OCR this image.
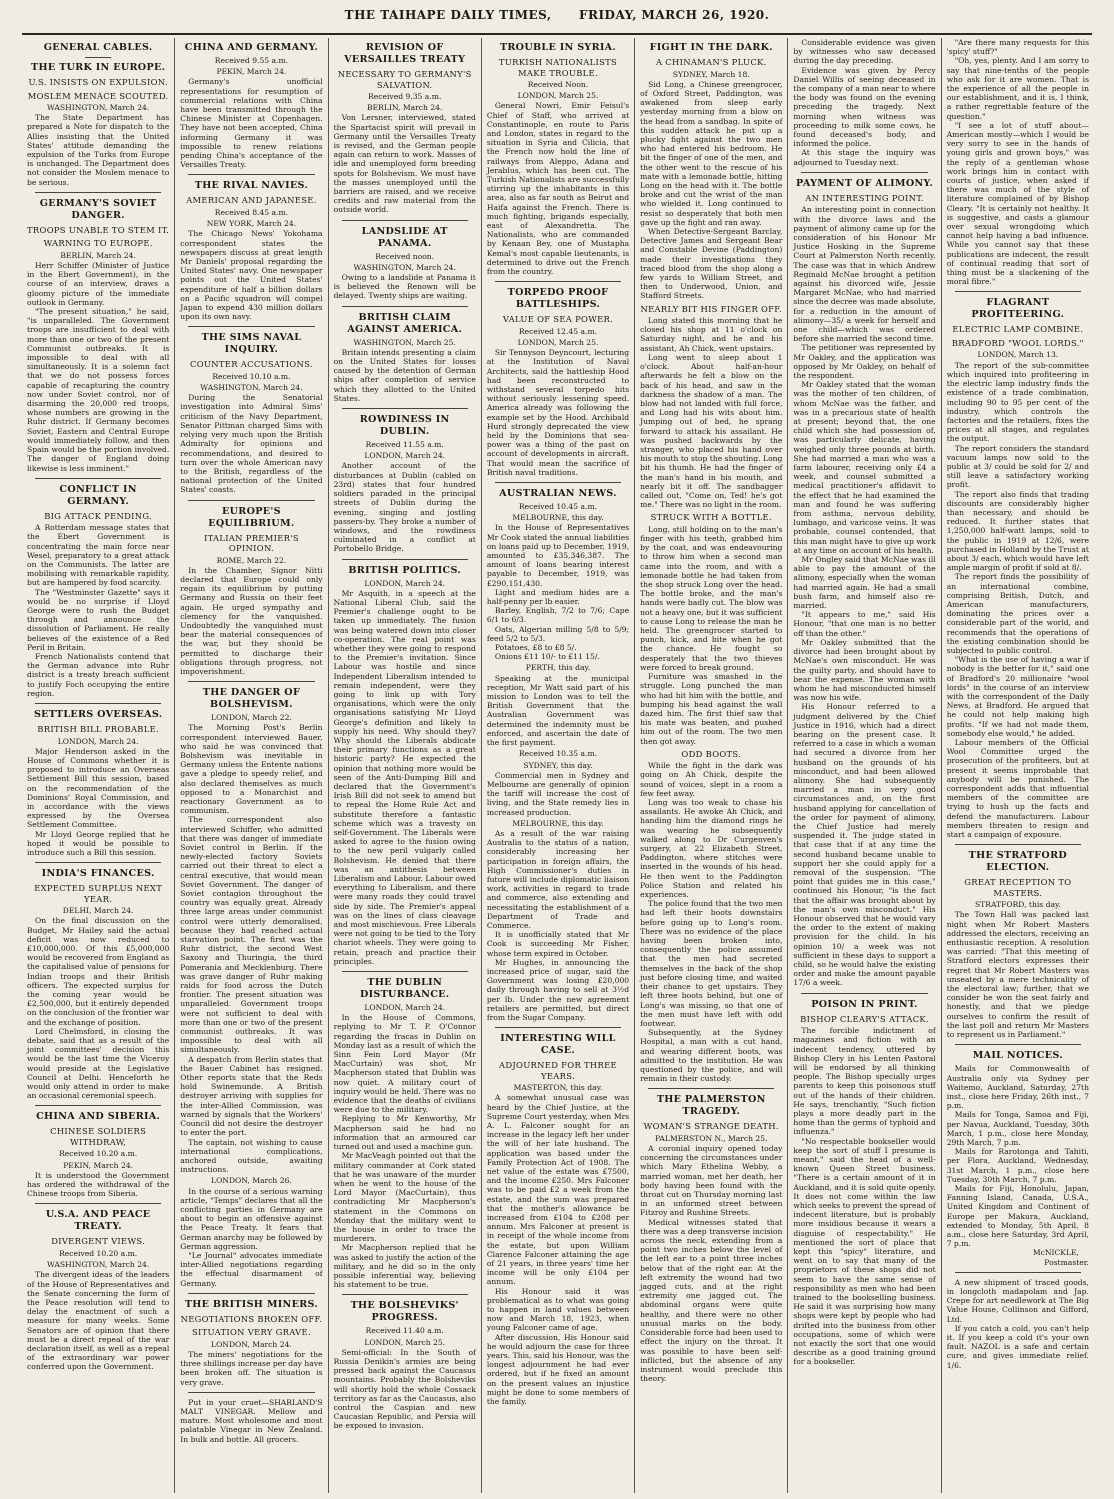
THE TAIHAPE DAILY TIMES, FRIDAY, MARCH 26, 1920.
GENERAL CABLES.
THE TURK IN EUROPE.
U.S. INSISTS ON EXPULSION.
MOSLEM MENACE SCOUTED.
WASHINGTON, March 24.

The State Department has prepared a Note for dispatch to the Allies insisting that the United States' attitude demanding the expulsion of the Turks from Europe is unchanged. The Department does not consider the Moslem menace to be serious.

GERMANY'S SOVIET DANGER.
TROOPS UNABLE TO STEM IT.
WARNING TO EUROPE.
BERLIN, March 24.

Herr Schiffer (Minister of Justice in the Ebert Government), in the course of an interview, draws a gloomy picture of the immediate outlook in Germany.

"The present situation," he said, "is unparalleled. The Government troops are insufficient to deal with more than one or two of the present Communist outbreaks. It is impossible to deal with all simultaneously. It is a solemn fact that we do not possess forces capable of recapturing the country now under Soviet control, nor of disarming the 20,000 red troops, whose numbers are growing in the Ruhr district. If Germany becomes Soviet, Eastern and Central Europe would immediately follow, and then Spain would be the portion involved. The danger of England doing likewise is less imminent."

CONFLICT IN GERMANY.
BIG ATTACK PENDING.

A Rotterdam message states that the Ebert Government is concentrating the main force near Wesel, preparatory to a great attack on the Communists. The latter are mobilising with remarkable rapidity, but are hampered by food scarcity.

The "Westminster Gazette" says it would be no surprise if Lloyd George were to rush the Budget through and announce the dissolution of Parliament. He really believes of the existence of a Red Peril in Britain.

French Nationalists contend that the German advance into Ruhr district is a treaty breach sufficient to justify Foch occupying the entire region.

SETTLERS OVERSEAS.
BRITISH BILL PROBABLE.
LONDON, March 24.

Major Henderson asked in the House of Commons whether it is proposed to introduce an Overseas Settlement Bill this session, based on the recommendation of the Dominions' Royal Commission, and in accordance with the views expressed by the Oversea Settlement Committee.

Mr Lloyd George replied that he hoped it would be possible to introduce such a Bill this session.

INDIA'S FINANCES.
EXPECTED SURPLUS NEXT YEAR.
DELHI, March 24.

On the final discussion on the Budget, Mr Hailey said the actual deficit was now reduced to £10,000,000. Of this £5,000,000 would be recovered from England as the capitalised value of pensions for Indian troops and their British officers. The expected surplus for the coming year would be £2,500,000, but it entirely depended on the conclusion of the frontier war and the exchange of position.

Lord Chelmsford, in closing the debate, said that as a result of the joint committees' decision this would be the last time the Viceroy would preside at the Legislative Council at Delhi. Henceforth he would only attend in order to make an occasional ceremonial speech.

CHINA AND SIBERIA.
CHINESE SOLDIERS WITHDRAW,
Received 10.20 a.m.
PEKIN, March 24.

It is understood the Government has ordered the withdrawal of the Chinese troops from Siberia.

U.S.A. AND PEACE TREATY.
DIVERGENT VIEWS.
Received 10.20 a.m.
WASHINGTON, March 24.

The divergent ideas of the leaders of the House of Representatives and the Senate concerning the form of the Peace resolution will tend to delay the enactment of such a measure for many weeks. Some Senators are of opinion that there must be a direct repeal of the war declaration itself, as well as a repeal of the extraordinary war power conferred upon the Government.

CHINA AND GERMANY.
Received 9.55 a.m.
PEKIN, March 24.

Germany's unofficial representations for resumption of commercial relations with China have been transmitted through the Chinese Minister at Copenhagen. They have not been accepted, China informing Germany it was impossible to renew relations pending China's acceptance of the Versailles Treaty.

THE RIVAL NAVIES.
AMERICAN AND JAPANESE.
Received 8.45 a.m.
NEW YORK, March 24.

The Chicago News' Yokohama correspondent states the newspapers discuss at great length Mr Daniels' proposal regarding the United States' navy. One newspaper points out the United States' expenditure of half a billion dollars on a Pacific squadron will compel Japan to expend 430 million dollars upon its own navy.

THE SIMS NAVAL INQUIRY.
COUNTER ACCUSATIONS.
Received 10.10 a.m.
WASHINGTON, March 24.

During the Senatorial investigation into Admiral Sims' criticism of the Navy Department, Senator Pittman charged Sims with relying very much upon the British Admiralty for opinions and recommendations, and desired to turn over the whole American navy to the British, regardless of the national protection of the United States' coasts.

EUROPE'S EQUILIBRIUM.
ITALIAN PREMIER'S OPINION.
ROME, March 22.

In the Chamber, Signor Nitti declared that Europe could only regain its equilibrium by putting Germany and Russia on their feet again. He urged sympathy and clemency for the vanquished. Undoubtedly the vanquished must bear the material consequences of the war, but they should be permitted to discharge their obligations through progress, not impoverishment.

THE DANGER OF BOLSHEVISM.
LONDON, March 22.

The Morning Post's Berlin correspondent interviewed Bauer, who said he was convinced that Bolshevism was inevitable in Germany unless the Entente nations gave a pledge to speedy relief, and also declared themselves as much opposed to a Monarchist and reactionary Government as to communism.

The correspondent also interviewed Schiffer, who admitted that there was danger of immediate Soviet control in Berlin. If the newly-elected factory Soviets carried out their threat to elect a central executive, that would mean Soviet Government. The danger of Soviet contagion throughout the country was equally great. Already three large areas under communist control were utterly demoralised, because they had reached actual starvation point. The first was the Ruhr district, the second West Saxony and Thuringia, the third Pomerania and Mecklenburg. There was grave danger of Ruhr making raids for food across the Dutch frontier. The present situation was unparalleled. Government troops were not sufficient to deal with more than one or two of the present communist outbreaks. It was impossible to deal with all simultaneously.

A despatch from Berlin states that the Bauer Cabinet has resigned. Other reports state that the Reds hold Swinemunde. A British destroyer arriving with supplies for the inter-Allied Commission, was warned by signals that the Workers' Council did not desire the destroyer to enter the port.

The captain, not wishing to cause international complications, anchored outside, awaiting instructions.

LONDON, March 26.

In the course of a serious warning article, "Temps" declares that all the conflicting parties in Germany are about to begin an offensive against the Peace Treaty. It fears that German anarchy may be followed by German aggression.

"Le Journal" advocates immediate inter-Allied negotiations regarding the effectual disarmament of Germany.

THE BRITISH MINERS.
NEGOTIATIONS BROKEN OFF.
SITUATION VERY GRAVE.
LONDON, March 24.

The miners' negotiations for the three shillings increase per day have been broken off. The situation is very grave.

Put in your cruet—SHARLAND'S MALT VINEGAR. Mellow and mature. Most wholesome and most palatable Vinegar in New Zealand. In bulk and bottle. All grocers.

REVISION OF VERSAILLES TREATY
NECESSARY TO GERMANY'S SALVATION.
Received 9.35 a.m.
BERLIN, March 24.

Von Lersner, interviewed, stated the Spartacist spirit will prevail in Germany until the Versailles Treaty is revised, and the German people again can return to work. Masses of idle and unemployed form breeding spots for Bolshevism. We must have the masses unemployed until the barriers are raised, and we receive credits and raw material from the outside world.

LANDSLIDE AT PANAMA.
Received noon.
WASHINGTON, March 24.

Owing to a landslide at Panama it is believed the Renown will be delayed. Twenty ships are waiting.

BRITISH CLAIM AGAINST AMERICA.
WASHINGTON, March 25.

Britain intends presenting a claim on the United States for losses caused by the detention of German ships after completion of service which they allotted to the United States.

ROWDINESS IN DUBLIN.
Received 11.55 a.m.
LONDON, March 24.

Another account of the disturbances at Dublin (cabled on 23rd) states that four hundred soldiers paraded in the principal streets of Dublin during the evening, singing and jostling passers-by. They broke a number of windows, and the rowdiness culminated in a conflict at Portobello Bridge.

BRITISH POLITICS.
LONDON, March 24.

Mr Asquith, in a speech at the National Liberal Club, said the Premier's challenge ought to be taken up immediately. The fusion was being watered down into closer co-operation. The real point was whether they were going to respond to the Premier's invitation. Since Labour was hostile and since Independent Liberalism intended to remain independent, were they going to link up with Tory organisations, which were the only organisations satisfying Mr Lloyd George's definition and likely to supply his need. Why should they? Why should the Liberals abdicate their primary functions as a great historic party? He expected the opinion that nothing more would be seen of the Anti-Dumping Bill and declared that the Government's Irish Bill did not seek to amend but to repeal the Home Rule Act and substitute therefore a fantastic scheme which was a travesty on self-Government. The Liberals were asked to agree to the fusion owing to the new peril vulgarly called Bolshevism. He denied that there was an antithesis between Liberalism and Labour. Labour owed everything to Liberalism, and there were many roads they could travel side by side. The Premier's appeal was on the lines of class cleavage and most mischievous. Free Liberals were not going to be tied to the Tory chariot wheels. They were going to retain, preach and practice their principles.

THE DUBLIN DISTURBANCE.
LONDON, March 24.

In the House of Commons, replying to Mr T. P. O'Connor regarding the fracas in Dublin on Monday last as a result of which the Sinn Fein Lord Mayor (Mr MacCurtain) was shot, Mr Macpherson stated that Dublin was now quiet. A military court of inquiry would be held. There was no evidence that the deaths of civilians were due to the military.

Replying to Mr Kenworthy, Mr Macpherson said he had no information that an armoured car turned out and used a machine gun.

Mr MacVeagh pointed out that the military commander at Cork stated that he was unaware of the murder when he went to the house of the Lord Mayor (MacCurtain), thus contradicting Mr Macpherson's statement in the Commons on Monday that the military went to the house in order to trace the murderers.

Mr Macpherson replied that he was asked to justify the action of the military, and he did so in the only possible inferential way, believing his statement to be true.

THE BOLSHEVIKS' PROGRESS.
Received 11.40 a.m.
LONDON, March 25.

Semi-official: In the South of Russia Denikin's armies are being pressed back against the Caucasus mountains. Probably the Bolsheviks will shortly hold the whole Cossack territory as far as the Caucasus, also control the Caspian and new Caucasian Republic, and Persia will be exposed to invasion.

TROUBLE IN SYRIA.
TURKISH NATIONALISTS MAKE TROUBLE.
Received Noon.
LONDON, March 25.

General Nowri, Emir Feisul's Chief of Staff, who arrived at Constantinople, en route to Paris and London, states in regard to the situation in Syria and Cilicia, that the French now hold the line of railways from Aleppo, Adana and Jerablus, which has been cut. The Turkish Nationalists are successfully stirring up the inhabitants in this area, also as far south as Beirut and Haifa against the French. There is much fighting, brigands especially, east of Alexandretta. The Nationalists, who are commanded by Kenaan Bey, one of Mustapha Kemal's most capable lieutenants, is determined to drive out the French from the country.

TORPEDO PROOF BATTLESHIPS.
VALUE OF SEA POWER.
Received 12.45 a.m.
LONDON, March 25.

Sir Tennyson Deyncourt, lecturing at the Institution of Naval Architects, said the battleship Hood had been reconstructed to withstand several torpedo hits without seriously lessening speed. America already was following the example set by the Hood. Archibald Hurd strongly deprecated the view held by the Dominions that sea-power was a thing of the past on account of developments in aircraft. That would mean the sacrifice of British naval traditions.

AUSTRALIAN NEWS.
Received 10.45 a.m.
MELBOURNE, this day.

In the House of Representatives Mr Cook stated the annual liabilities on loans paid up to December, 1919, amounted to £35,346,387. The amount of loans bearing interest payable to December, 1919, was £290,151,430.

Light and medium hides are a half-penny per lb easier.

Barley, English, 7/2 to 7/6; Cape 6/1 to 6/3.

Oats, Algerian milling 5/8 to 5/9; feed 5/2 to 5/3.

Potatoes, £8 to £8 5/.

Onions £11 10/- to £11 15/.

PERTH, this day.

Speaking at the municipal reception, Mr Watt said part of his mission to London was to tell the British Government that the Australian Government was determined the indemnity must be enforced, and ascertain the date of the first payment.

Received 10.35 a.m.
SYDNEY, this day.

Commercial men in Sydney and Melbourne are generally of opinion the tariff will increase the cost of living, and the State remedy lies in increased production.

MELBOURNE, this day.

As a result of the war raising Australia to the status of a nation, considerably increasing her participation in foreign affairs, the High Commissioner's duties in future will include diplomatic liaison work, activities in regard to trade and commerce, also extending and necessitating the establishment of a Department of Trade and Commerce.

It is unofficially stated that Mr Cook is succeeding Mr Fisher, whose term expired in October.

Mr Hughes, in announcing the increased price of sugar, said the Government was losing £20,000 daily through having to sell at 3½d per lb. Under the new agreement retailers are permitted, but direct from the Sugar Company.

INTERESTING WILL CASE.
ADJOURNED FOR THREE YEARS.
MASTERTON, this day.

A somewhat unusual case was heard by the Chief Justice, at the Supreme Court yesterday, when Mrs A. L. Falconer sought for an increase in the legacy left her under the will of her late husband. The application was based under the Family Protection Act of 1908. The net value of the estate was £7500, and the income £250. Mrs Falconer was to be paid £2 a week from the estate, and the sum was prepared that the mother's allowance be increased from £104 to £208 per annum. Mrs Falconer at present is in receipt of the whole income from the estate, but upon William Clarence Falconer attaining the age of 21 years, in three years' time her income will be only £104 per annum.

His Honour said it was problematical as to what was going to happen in land values between now and March 18, 1923, when young Falconer came of age.

After discussion, His Honour said he would adjourn the case for three years. This, said his Honour, was the longest adjournment he had ever ordered, but if he fixed an amount on the present values an injustice might be done to some members of the family.

FIGHT IN THE DARK.
A CHINAMAN'S PLUCK.
SYDNEY, March 18.

Sid Long, a Chinese greengrocer, of Oxford Street, Paddington, was awakened from sleep early yesterday morning from a blow on the head from a sandbag. In spite of this sudden attack he put up a plucky fight against the two men who had entered his bedroom. He bit the finger of one of the men, and the other went to the rescue of his mate with a lemonade bottle, hitting Long on the head with it. The bottle broke and cut the wrist of the man who wielded it. Long continued to resist so desperately that both men gave up the fight and ran away.

When Detective-Sergeant Barclay, Detective James and Sergeant Bear and Constable Devine (Paddington) made their investigations they traced blood from the shop along a few yards to William Street, and then to Underwood, Union, and Stafford Streets.

NEARLY BIT HIS FINGER OFF.

Long stated this morning that he closed his shop at 11 o'clock on Saturday night, and he and his assistant, Ah Chick, went upstairs.

Long went to sleep about 1 o'clock. About half-an-hour afterwards he felt a blow on the back of his head, and saw in the darkness the shadow of a man. The blow had not landed with full force, and Long had his wits about him. Jumping out of bed, he sprang forward to attack his assailant. He was pushed backwards by the stranger, who placed his hand over his mouth to stop the shouting. Long bit his thumb. He had the finger of the man's hand in his mouth, and nearly bit it off. The sandbagger called out, "Come on, Ted! he's got me." There was no light in the room.

STRUCK WITH A BOTTLE.

Long, still holding on to the man's finger with his teeth, grabbed him by the coat, and was endeavouring to throw him when a second man came into the room, and with a lemonade bottle he had taken from the shop struck Long over the head. The bottle broke, and the man's hands were badly cut. The blow was not a heavy one, but it was sufficient to cause Long to release the man he held. The greengrocer started to punch, kick, and bite when he got the chance. He fought so desperately that the two thieves were forced to break ground.

Furniture was smashed in the struggle. Long punched the man who had hit him with the bottle, and bumping his head against the wall dazed him. The first thief saw that his mate was beaten, and pushed him out of the room. The two men then got away.

ODD BOOTS.

While the fight in the dark was going on Ah Chick, despite the sound of voices, slept in a room a few feet away.

Long was too weak to chase his assailants. He awoke Ah Chick, and handing him the diamond rings he was wearing he subsequently walked along to Dr Curgenven's surgery, at 22 Elizabeth Street, Paddington, where stitches were inserted in the wounds of his head. He then went to the Paddington Police Station and related his experiences.

The police found that the two men had left their boots downstairs before going up to Long's room. There was no evidence of the place having been broken into, consequently the police assumed that the men had secreted themselves in the back of the shop just before closing time, and waited their chance to get upstairs. They left three boots behind, but one of Long's was missing, so that one of the men must have left with odd footwear.

Subsequently, at the Sydney Hospital, a man with a cut hand, and wearing different boots, was admitted to the institution. He was questioned by the police, and will remain in their custody.

THE PALMERSTON TRAGEDY.
WOMAN'S STRANGE DEATH.
PALMERSTON N., March 25.

A coronial inquiry opened today concerning the circumstances under which Mary Ethelina Webby, a married woman, met her death, her body having been found with the throat cut on Thursday morning last in an unformed street between Fitzroy and Rushine Streets.

Medical witnesses stated that there was a deep transverse incision across the neck, extending from a point two inches below the level of the left ear to a point three inches below that of the right ear. At the left extremity the wound had two jagged cuts, and at the right extremity one jagged cut. The abdominal organs were quite healthy, and there were no other unusual marks on the body. Considerable force had been used to effect the injury on the throat. It was possible to have been self-inflicted, but the absence of any instrument would preclude this theory.

Considerable evidence was given by witnesses who saw deceased during the day preceding.

Evidence was given by Percy Daniel Willis of seeing deceased in the company of a man near to where the body was found on the evening preceding the tragedy. Next morning when witness was proceeding to milk some cows, he found deceased's body, and informed the police.

At this stage the inquiry was adjourned to Tuesday next.

PAYMENT OF ALIMONY.
AN INTERESTING POINT.

An interesting point in connection with the divorce laws and the payment of alimony came up for the consideration of his Honour Mr Justice Hosking in the Supreme Court at Palmerston North recently. The case was that in which Andrew Reginald McNae brought a petition against his divorced wife, Jessie Margaret McNae, who had married since the decree was made absolute, for a reduction in the amount of alimony—35/ a week for herself and one child—which was ordered before she married the second time.

The petitioner was represented by Mr Oakley, and the application was opposed by Mr Oakley, on behalf of the respondent.

Mr Oakley stated that the woman was the mother of ten children, of whom McNae was the father, and was in a precarious state of health at present; beyond that, the one child which she had possession of, was particularly delicate, having weighed only three pounds at birth. She had married a man who was a farm labourer, receiving only £4 a week, and counsel submitted a medical practitioner's affidavit to the effect that he had examined the man and found he was suffering from asthma, nervous debility, lumbago, and varicose veins. It was probable, counsel contended, that this man might have to give up work at any time on account of his health.

Mr Ongley said that McNae was ill able to pay the amount of the alimony, especially when the woman had married again. He had a small bush farm, and himself also re-married.

"It appears to me," said His Honour, "that one man is no better off than the other."

Mr Oakley submitted that the divorce had been brought about by McNae's own misconduct. He was the guilty party, and should have to bear the expense. The woman with whom he had misconducted himself was now his wife.

His Honour referred to a judgment delivered by the Chief Justice in 1916, which had a direct bearing on the present case. It referred to a case in which a woman had secured a divorce from her husband on the grounds of his misconduct, and had been allowed alimony. She had subsequently married a man in very good circumstances and, on the first husband applying for cancellation of the order for payment of alimony, the Chief Justice had merely suspended it. The judge stated in that case that if at any time the second husband became unable to support her she could apply for a removal of the suspension. "The point that guides me in this case," continued his Honour, "is the fact that the affair was brought about by the man's own misconduct." His Honour observed that he would vary the order to the extent of making provision for the child. In his opinion 10/ a week was not sufficient in these days to support a child, so he would halve the existing order and make the amount payable 17/6 a week.

POISON IN PRINT.
BISHOP CLEARY'S ATTACK.

The forcible indictment of magazines and fiction with an indecent tendency, uttered by Bishop Clery in his Lenten Pastoral will be endorsed by all thinking people. The Bishop specially urges parents to keep this poisonous stuff out of the hands of their children. He says, trenchantly, "Such fiction plays a more deadly part in the home than the germs of typhoid and influenza."

"No respectable bookseller would keep the sort of stuff I presume is meant," said the head of a well-known Queen Street business. "There is a certain amount of it in Auckland, and it is sold quite openly. It does not come within the law which seeks to prevent the spread of indecent literature, but is probably more insidious because it wears a disguise of respectability." He mentioned the sort of place that kept this "spicy" literature, and went on to say that many of the proprietors of these shops did not seem to have the same sense of responsibility as men who had been trained to the bookselling business. He said it was surprising how many shops were kept by people who had drifted into the business from other occupations, some of which were not exactly the sort that one would describe as a good training ground for a bookseller.

"Are there many requests for this 'spicy' stuff?"

"Oh, yes, plenty. And I am sorry to say that nine-tenths of the people who ask for it are women. That is the experience of all the people in our establishment, and it is, I think, a rather regrettable feature of the question."

"I see a lot of stuff about—American mostly—which I would be very sorry to see in the hands of young girls and grown boys," was the reply of a gentleman whose work brings him in contact with courts of justice, when asked if there was much of the style of literature complained of by Bishop Cleary. "It is certainly not healthy. It is suggestive, and casts a glamour over sexual wrongdoing which cannot help having a bad influence. While you cannot say that these publications are indecent, the result of continual reading that sort of thing must be a slackening of the moral fibre."

FLAGRANT PROFITEERING.
ELECTRIC LAMP COMBINE.
BRADFORD "WOOL LORDS."
LONDON, March 13.

The report of the sub-committee which inquired into profiteering in the electric lamp industry finds the existence of a trade combination, including 90 to 95 per cent of the industry, which controls the factories and the retailers, fixes the prices at all stages, and regulates the output.

The report considers the standard vacuum lamps now sold to the public at 3/ could be sold for 2/ and still leave a satisfactory working profit.

The report also finds that trading discounts are considerably higher than necessary, and should be reduced. It further states that 1,250,000 half-watt lamps, sold to the public in 1919 at 12/6, were purchased in Holland by the Trust at about 3/ each, which would have left ample margin of profit if sold at 8/.

The report finds the possibility of an international combine, comprising British, Dutch, and American manufacturers, dominating the prices over a considerable part of the world, and recommends that the operations of the existing combination should be subjected to public control.

"What is the use of having a war if nobody is the better for it," said one of Bradford's 20 millionaire "wool lords" in the course of an interview with the correspondent of the Daily News, at Bradford. He argued that he could not help making high profits. "If we had not made them, somebody else would," he added.

Labour members of the Official Wool Committee urged the prosecution of the profiteers, but at present it seems improbable that anybody will be punished. The correspondent adds that influential members of the committee are trying to hush up the facts and defend the manufacturers. Labour members threaten to resign and start a campaign of exposure.

THE STRATFORD ELECTION.
GREAT RECEPTION TO MASTERS.
STRATFORD, this day.

The Town Hall was packed last night when Mr Robert Masters addressed the electors, receiving an enthusiastic reception. A resolution was carried: "That this meeting of Stratford electors expresses their regret that Mr Robert Masters was unseated by a mere technicality of the electoral law; further, that we consider he won the seat fairly and honestly, and that we pledge ourselves to confirm the result of the last poll and return Mr Masters to represent us in Parliament."

MAIL NOTICES.

Mails for Commonwealth of Australia only via Sydney per Waitemo, Auckland, Saturday, 27th inst., close here Friday, 26th inst., 7 p.m.

Mails for Tonga, Samoa and Fiji, per Navua, Auckland, Tuesday, 30th March, 1 p.m., close here Monday, 29th March, 7 p.m.

Mails for Rarotonga and Tahiti, per Flora, Auckland, Wednesday, 31st March, 1 p.m., close here Tuesday, 30th March, 7 p.m.

Mails for Fiji, Honolulu, Japan, Fanning Island, Canada, U.S.A., United Kingdom and Continent of Europe per Makura, Auckland, extended to Monday, 5th April, 8 a.m., close here Saturday, 3rd April, 7 p.m.

McNICKLE,
Postmaster.

A new shipment of traced goods, in longcloth madapolam and Jap. Crepe for art needlework at The Big Value House, Collinson and Gifford, Ltd.

If you catch a cold, you can't help it. If you keep a cold it's your own fault. NAZOL is a safe and certain cure, and gives immediate relief. 1/6.
